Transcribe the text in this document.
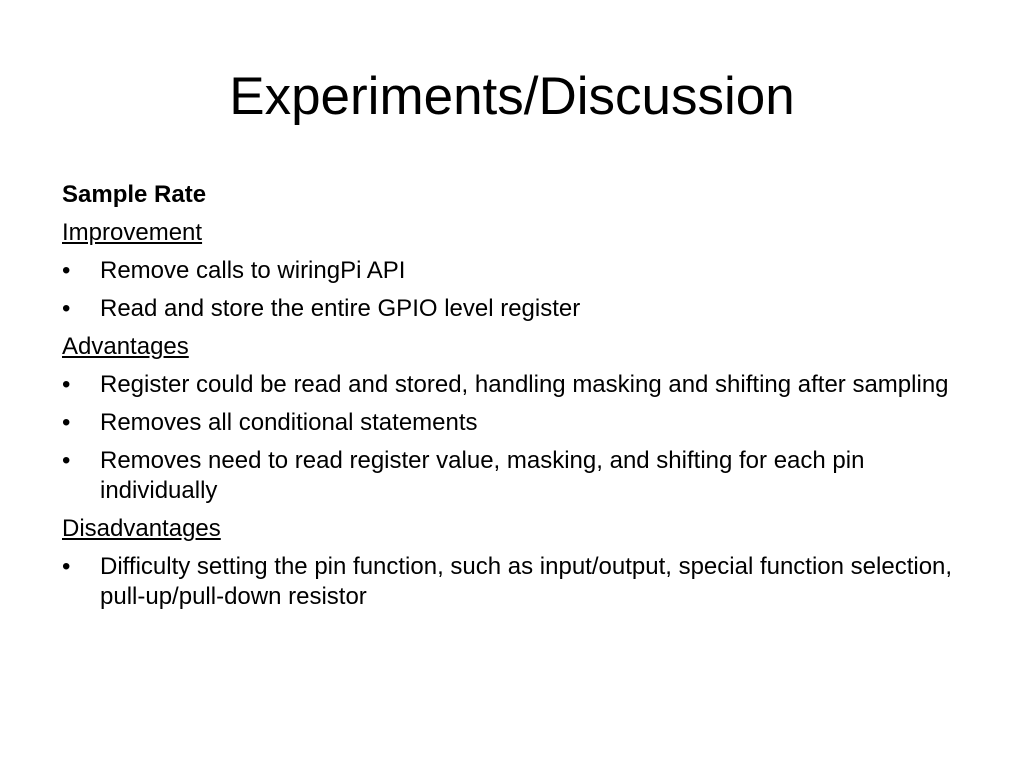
Experiments/Discussion
Sample Rate
Improvement
•	Remove calls to wiringPi API
•	Read and store the entire GPIO level register
Advantages
•	Register could be read and stored, handling masking and shifting after sampling
•	Removes all conditional statements
•	Removes need to read register value, masking, and shifting for each pin individually
Disadvantages
•	Difficulty setting the pin function, such as input/output, special function selection, pull-up/pull-down resistor
